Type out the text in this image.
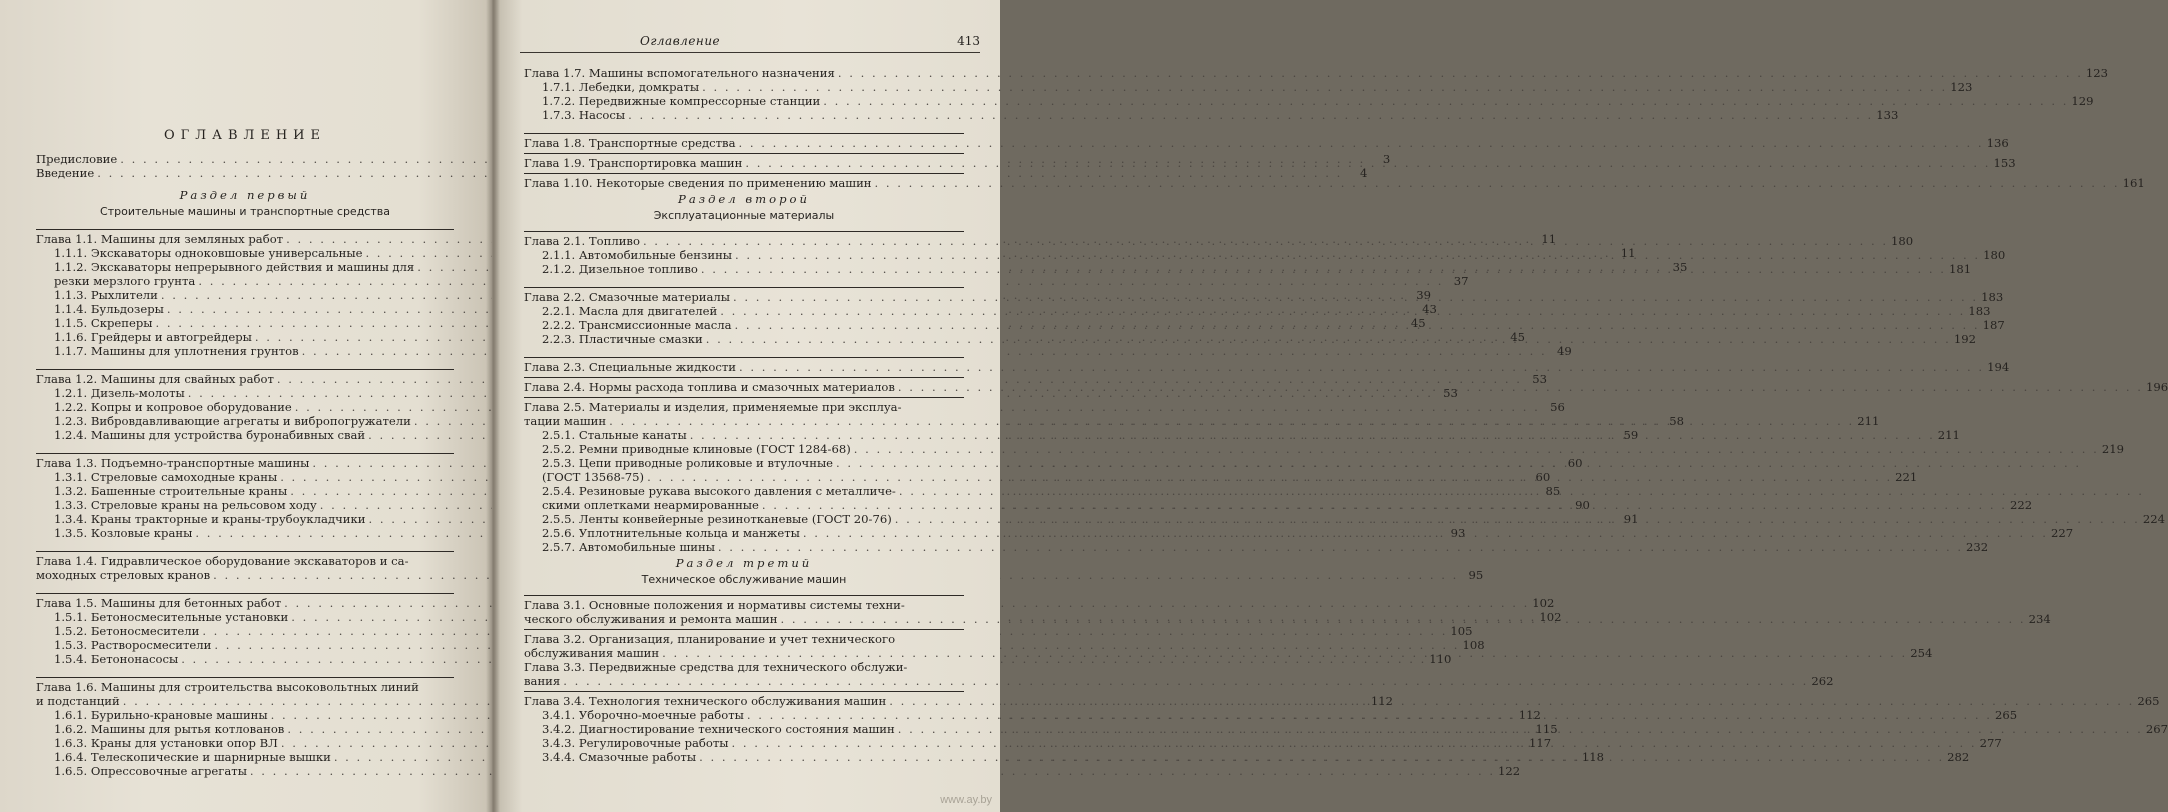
ОГЛАВЛЕНИЕ
Предисловие . . .	3
Введение . . .	4
Раздел первый
Строительные машины и транспортные средства
Глава 1.1. Машины для земляных работ . . .	11
1.1.1. Экскаваторы одноковшовые универсальные . . .	11
1.1.2. Экскаваторы непрерывного действия и машины для . . .	35
резки мерзлого грунта . . .	37
1.1.3. Рыхлители . . .	39
1.1.4. Бульдозеры . . .	43
1.1.5. Скреперы . . .	45
1.1.6. Грейдеры и автогрейдеры . . .	45
1.1.7. Машины для уплотнения грунтов . . .	49
Глава 1.2. Машины для свайных работ . . .	53
1.2.1. Дизель-молоты . . .	53
1.2.2. Копры и копровое оборудование . . .	56
1.2.3. Вибровдавливающие агрегаты и вибропогружатели . . .	58
1.2.4. Машины для устройства буронабивных свай . . .	59
Глава 1.3. Подъемно-транспортные машины . . .	60
1.3.1. Стреловые самоходные краны . . .	60
1.3.2. Башенные строительные краны . . .	85
1.3.3. Стреловые краны на рельсовом ходу . . .	90
1.3.4. Краны тракторные и краны-трубоукладчики . . .	91
1.3.5. Козловые краны . . .	93
Глава 1.4. Гидравлическое оборудование экскаваторов и са-
моходных стреловых кранов . . .	95
Глава 1.5. Машины для бетонных работ . . .	102
1.5.1. Бетоносмесительные установки . . .	102
1.5.2. Бетоносмесители . . .	105
1.5.3. Растворосмесители . . .	108
1.5.4. Бетононасосы . . .	110
Глава 1.6. Машины для строительства высоковольтных линий
и подстанций . . .	112
1.6.1. Бурильно-крановые машины . . .	112
1.6.2. Машины для рытья котлованов . . .	115
1.6.3. Краны для установки опор ВЛ . . .	117
1.6.4. Телескопические и шарнирные вышки . . .	118
1.6.5. Опрессовочные агрегаты . . .	122
Оглавление	413
Глава 1.7. Машины вспомогательного назначения . . .	123
1.7.1. Лебедки, домкраты . . .	123
1.7.2. Передвижные компрессорные станции . . .	129
1.7.3. Насосы . . .	133
Глава 1.8. Транспортные средства . . .	136
Глава 1.9. Транспортировка машин . . .	153
Глава 1.10. Некоторые сведения по применению машин . . .	161
Раздел второй
Эксплуатационные материалы
Глава 2.1. Топливо . . .	180
2.1.1. Автомобильные бензины . . .	180
2.1.2. Дизельное топливо . . .	181
Глава 2.2. Смазочные материалы . . .	183
2.2.1. Масла для двигателей . . .	183
2.2.2. Трансмиссионные масла . . .	187
2.2.3. Пластичные смазки . . .	192
Глава 2.3. Специальные жидкости . . .	194
Глава 2.4. Нормы расхода топлива и смазочных материалов . . .	196
Глава 2.5. Материалы и изделия, применяемые при эксплуа-
тации машин . . .	211
2.5.1. Стальные канаты . . .	211
2.5.2. Ремни приводные клиновые (ГОСТ 1284-68) . . .	219
2.5.3. Цепи приводные роликовые и втулочные
. . .
(ГОСТ 13568-75) . . .	221
2.5.4. Резиновые рукава высокого давления с металличе-
. . .
скими оплетками неармированные . . .	222
2.5.5. Ленты конвейерные резинотканевые (ГОСТ 20-76) . . .	224
2.5.6. Уплотнительные кольца и манжеты . . .	227
2.5.7. Автомобильные шины . . .	232
Раздел третий
Техническое обслуживание машин
Глава 3.1. Основные положения и нормативы системы техни-
ческого обслуживания и ремонта машин . . .	234
Глава 3.2. Организация, планирование и учет технического
обслуживания машин . . .	254
Глава 3.3. Передвижные средства для технического обслужи-
вания . . .	262
Глава 3.4. Технология технического обслуживания машин . . .	265
3.4.1. Уборочно-моечные работы . . .	265
3.4.2. Диагностирование технического состояния машин . . .	267
3.4.3. Регулировочные работы . . .	277
3.4.4. Смазочные работы . . .	282
www.ay.by
